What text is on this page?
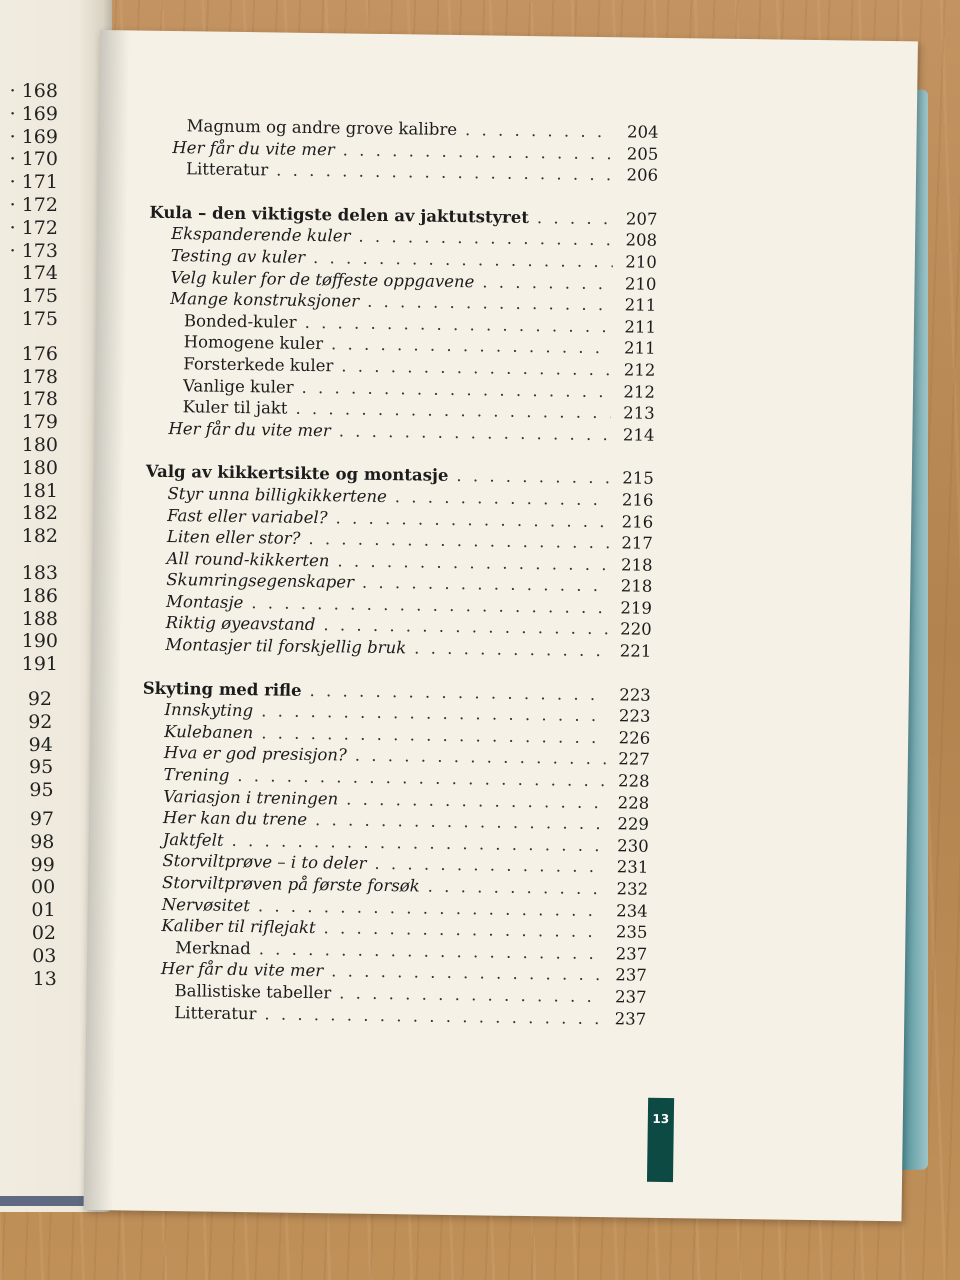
· 168
· 169
· 169
· 170
· 171
· 172
· 172
· 173
174
175
175
176
178
178
179
180
180
181
182
182
183
186
188
190
191
92
92
94
95
95
97
98
99
00
01
02
03
13
Magnum og andre grove kalibre . . .	204
Her får du vite mer . . .	205
Litteratur . . .	206
Kula – den viktigste delen av jaktutstyret . . .	207
Ekspanderende kuler . . .	208
Testing av kuler . . .	210
Velg kuler for de tøffeste oppgavene . . .	210
Mange konstruksjoner . . .	211
Bonded-kuler . . .	211
Homogene kuler . . .	211
Forsterkede kuler . . .	212
Vanlige kuler . . .	212
Kuler til jakt . . .	213
Her får du vite mer . . .	214
Valg av kikkertsikte og montasje . . .	215
Styr unna billigkikkertene . . .	216
Fast eller variabel? . . .	216
Liten eller stor? . . .	217
All round-kikkerten . . .	218
Skumringsegenskaper . . .	218
Montasje . . .	219
Riktig øyeavstand . . .	220
Montasjer til forskjellig bruk . . .	221
Skyting med rifle . . .	223
Innskyting . . .	223
Kulebanen . . .	226
Hva er god presisjon? . . .	227
Trening . . .	228
Variasjon i treningen . . .	228
Her kan du trene . . .	229
Jaktfelt . . .	230
Storviltprøve – i to deler . . .	231
Storviltprøven på første forsøk . . .	232
Nervøsitet . . .	234
Kaliber til riflejakt . . .	235
Merknad . . .	237
Her får du vite mer . . .	237
Ballistiske tabeller . . .	237
Litteratur . . .	237
13
